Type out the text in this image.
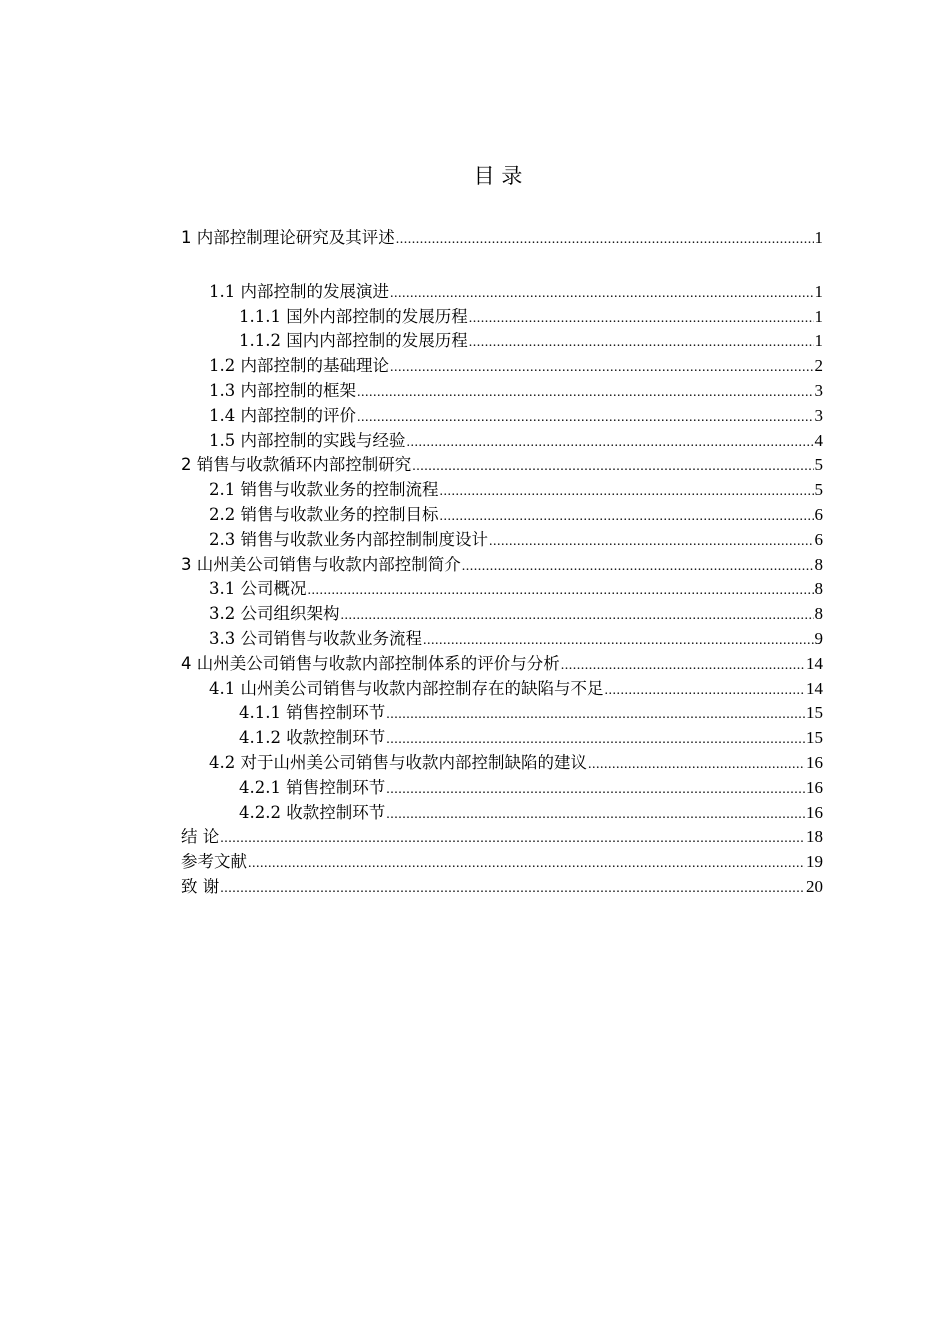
目 录
1 内部控制理论研究及其评述 .....	1
1.1 内部控制的发展演进 .....	1
1.1.1 国外内部控制的发展历程 .....	1
1.1.2 国内内部控制的发展历程 .....	1
1.2 内部控制的基础理论 .....	2
1.3 内部控制的框架 .....	3
1.4 内部控制的评价 .....	3
1.5 内部控制的实践与经验 .....	4
2 销售与收款循环内部控制研究 .....	5
2.1 销售与收款业务的控制流程 .....	5
2.2 销售与收款业务的控制目标 .....	6
2.3 销售与收款业务内部控制制度设计 .....	6
3 山州美公司销售与收款内部控制简介 .....	8
3.1 公司概况 .....	8
3.2 公司组织架构 .....	8
3.3 公司销售与收款业务流程 .....	9
4 山州美公司销售与收款内部控制体系的评价与分析 .....	14
4.1 山州美公司销售与收款内部控制存在的缺陷与不足 .....	14
4.1.1 销售控制环节 .....	15
4.1.2 收款控制环节 .....	15
4.2 对于山州美公司销售与收款内部控制缺陷的建议 .....	16
4.2.1 销售控制环节 .....	16
4.2.2 收款控制环节 .....	16
结 论 .....	18
参考文献 .....	19
致 谢 .....	20
